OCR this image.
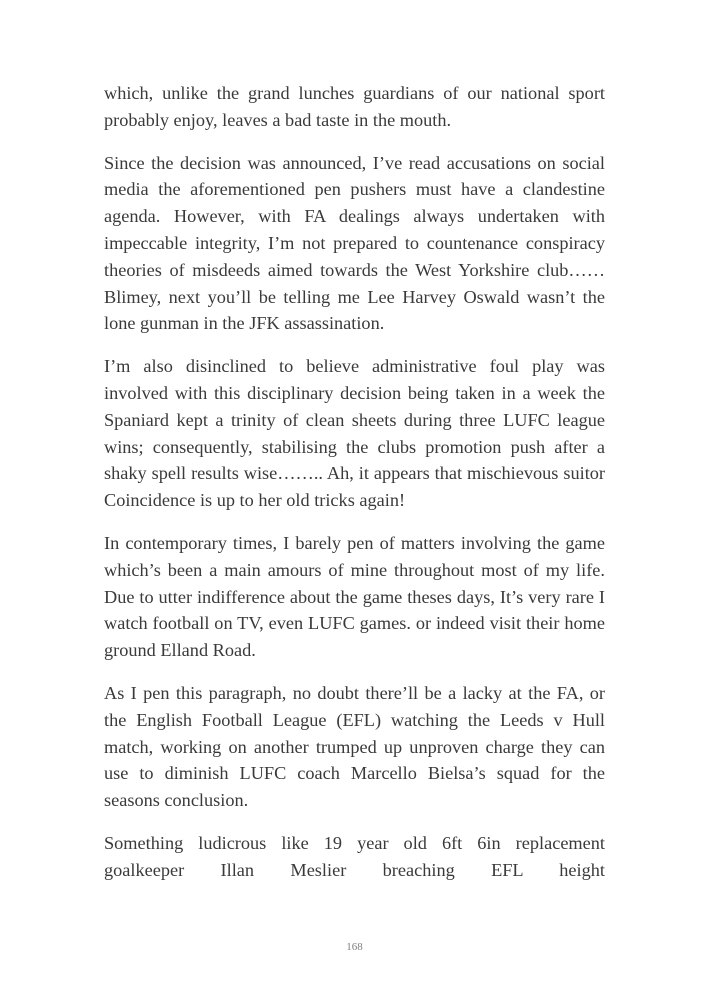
which, unlike the grand lunches guardians of our national sport probably enjoy, leaves a bad taste in the mouth.

Since the decision was announced, I’ve read accusations on social media the aforementioned pen pushers must have a clandestine agenda. However, with FA dealings always undertaken with impeccable integrity, I’m not prepared to countenance conspiracy theories of misdeeds aimed towards the West Yorkshire club…… Blimey, next you’ll be telling me Lee Harvey Oswald wasn’t the lone gunman in the JFK assassination.

I’m also disinclined to believe administrative foul play was involved with this disciplinary decision being taken in a week the Spaniard kept a trinity of clean sheets during three LUFC league wins; consequently, stabilising the clubs promotion push after a shaky spell results wise…….. Ah, it appears that mischievous suitor Coincidence is up to her old tricks again!

In contemporary times, I barely pen of matters involving the game which’s been a main amours of mine throughout most of my life. Due to utter indifference about the game theses days, It’s very rare I watch football on TV, even LUFC games. or indeed visit their home ground Elland Road.

As I pen this paragraph, no doubt there’ll be a lacky at the FA, or the English Football League (EFL) watching the Leeds v Hull match, working on another trumped up unproven charge they can use to diminish LUFC coach Marcello Bielsa’s squad for the seasons conclusion.

Something ludicrous like 19 year old 6ft 6in replacement goalkeeper Illan Meslier breaching EFL height

168
